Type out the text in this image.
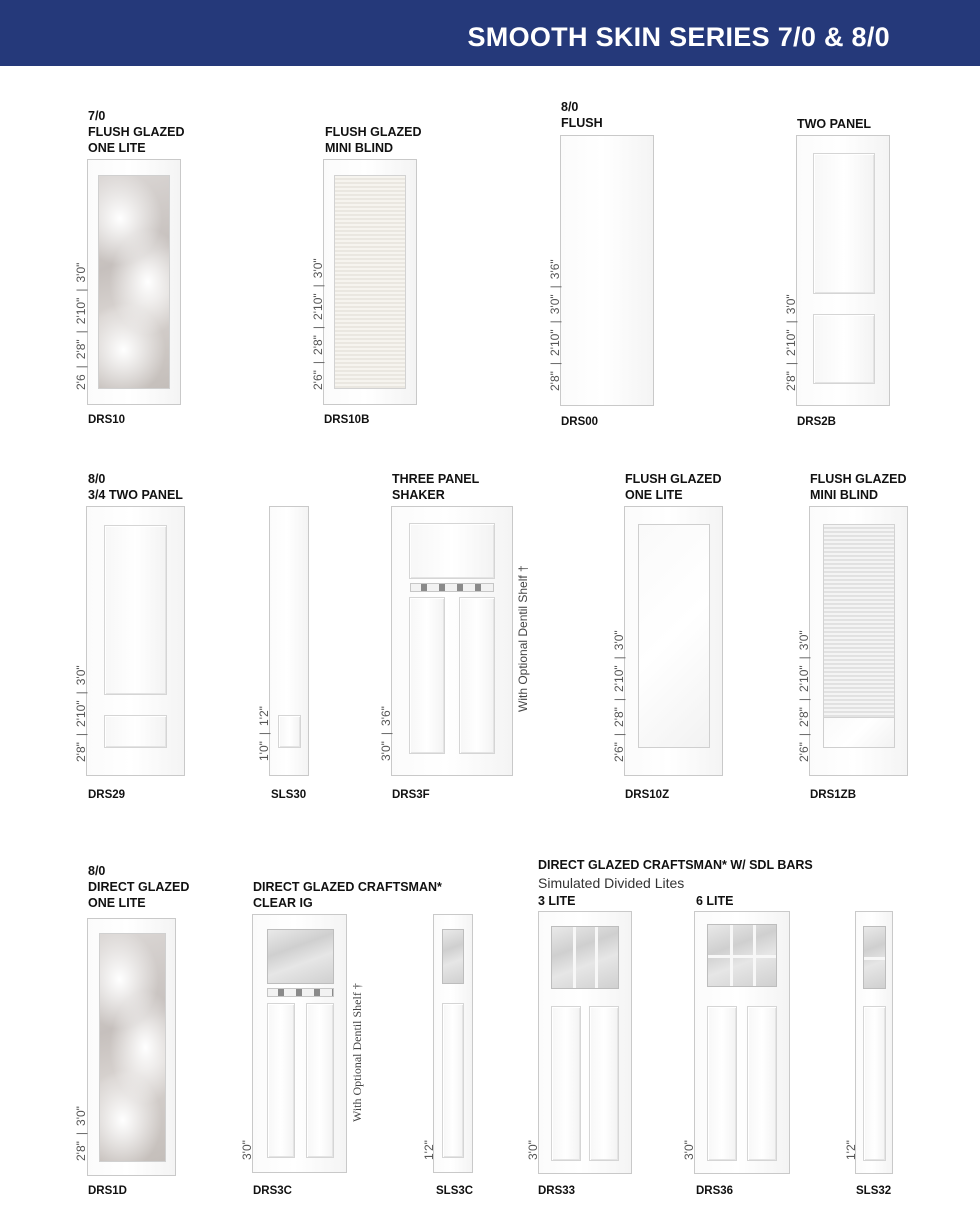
SMOOTH SKIN SERIES 7/0 & 8/0
7/0
FLUSH GLAZED
ONE LITE
2'6|2'8"|2'10"|3'0"
DRS10
FLUSH GLAZED
MINI BLIND
2'6"|2'8"|2'10"|3'0"
DRS10B
8/0
FLUSH
2'8"|2'10"|3'0"|3'6"
DRS00
TWO PANEL
2'8"|2'10"|3'0"
DRS2B
8/0
3/4 TWO PANEL
2'8"|2'10"|3'0"
DRS29
1'0"|1'2"
SLS30
THREE PANEL
SHAKER
3'0"|3'6"
With Optional Dentil Shelf †
DRS3F
FLUSH GLAZED
ONE LITE
2'6"|2'8"|2'10"|3'0"
DRS10Z
FLUSH GLAZED
MINI BLIND
2'6"|2'8"|2'10"|3'0"
DRS1ZB
DIRECT GLAZED CRAFTSMAN* W/ SDL BARS
Simulated Divided Lites
8/0
DIRECT GLAZED
ONE LITE
2'8"|3'0"
DRS1D
DIRECT GLAZED CRAFTSMAN*
CLEAR IG
3'0"
With Optional Dentil Shelf †
DRS3C
1'2"
SLS3C
3 LITE
3'0"
DRS33
6 LITE
3'0"
DRS36
1'2"
SLS32
